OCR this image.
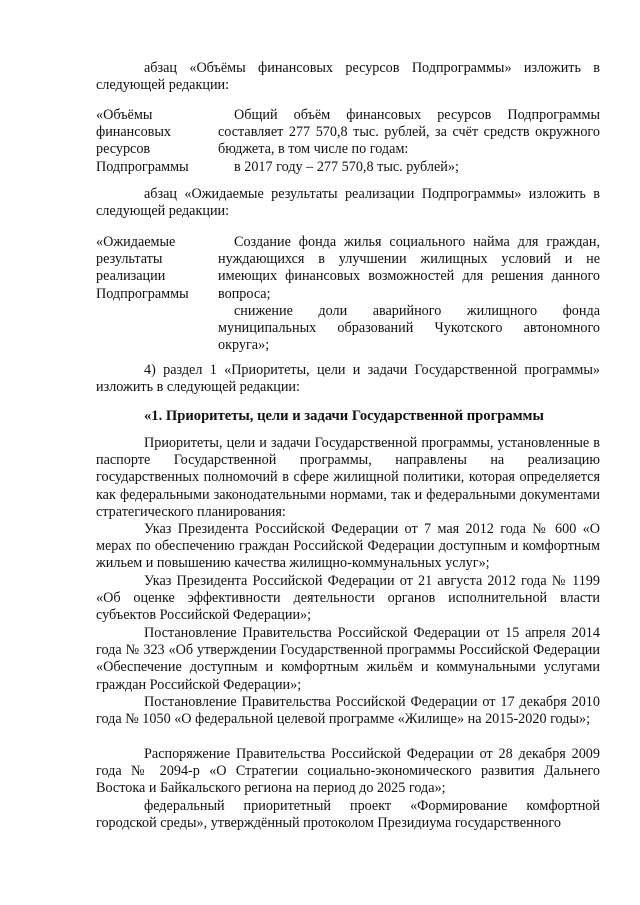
абзац «Объёмы финансовых ресурсов Подпрограммы» изложить в следующей редакции:

«Объёмы финансовых ресурсов Подпрограммы

Общий объём финансовых ресурсов Подпрограммы составляет 277 570,8 тыс. рублей, за счёт средств окружного бюджета, в том числе по годам:

в 2017 году – 277 570,8 тыс. рублей»;

абзац «Ожидаемые результаты реализации Подпрограммы» изложить в следующей редакции:

«Ожидаемые результаты реализации Подпрограммы

Создание фонда жилья социального найма для граждан, нуждающихся в улучшении жилищных условий и не имеющих финансовых возможностей для решения данного вопроса;

снижение доли аварийного жилищного фонда муниципальных образований Чукотского автономного округа»;

4) раздел 1 «Приоритеты, цели и задачи Государственной программы» изложить в следующей редакции:

«1. Приоритеты, цели и задачи Государственной программы

Приоритеты, цели и задачи Государственной программы, установленные в паспорте Государственной программы, направлены на реализацию государственных полномочий в сфере жилищной политики, которая определяется как федеральными законодательными нормами, так и федеральными документами стратегического планирования:

Указ Президента Российской Федерации от 7 мая 2012 года № 600 «О мерах по обеспечению граждан Российской Федерации доступным и комфортным жильем и повышению качества жилищно-коммунальных услуг»;

Указ Президента Российской Федерации от 21 августа 2012 года № 1199 «Об оценке эффективности деятельности органов исполнительной власти субъектов Российской Федерации»;

Постановление Правительства Российской Федерации от 15 апреля 2014 года № 323 «Об утверждении Государственной программы Российской Федерации «Обеспечение доступным и комфортным жильём и коммунальными услугами граждан Российской Федерации»;

Постановление Правительства Российской Федерации от 17 декабря 2010 года № 1050 «О федеральной целевой программе «Жилище» на 2015-2020 годы»;

Распоряжение Правительства Российской Федерации от 28 декабря 2009 года № 2094-р «О Стратегии социально-экономического развития Дальнего Востока и Байкальского региона на период до 2025 года»;

федеральный приоритетный проект «Формирование комфортной городской среды», утверждённый протоколом Президиума государственного
